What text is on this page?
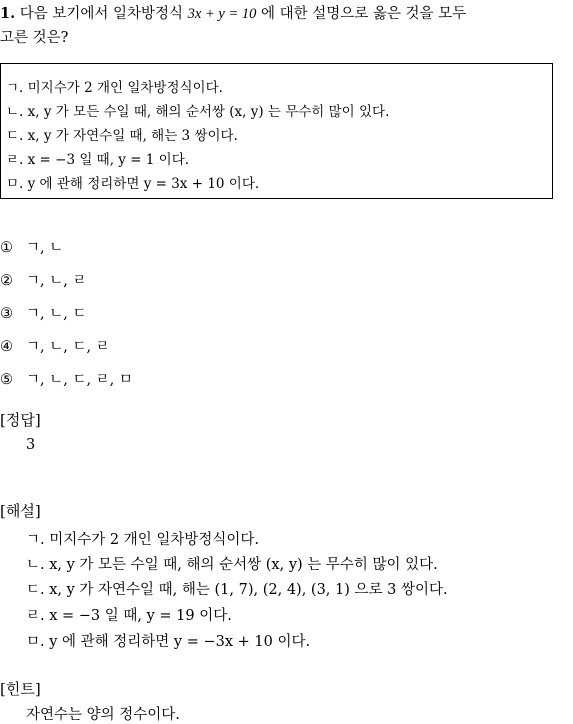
1. 다음 보기에서 일차방정식 3x + y = 10 에 대한 설명으로 옳은 것을 모두
고른 것은?
ㄱ. 미지수가 2 개인 일차방정식이다.
ㄴ. x, y 가 모든 수일 때, 해의 순서쌍 (x, y) 는 무수히 많이 있다.
ㄷ. x, y 가 자연수일 때, 해는 3 쌍이다.
ㄹ. x = −3 일 때, y = 1 이다.
ㅁ. y 에 관해 정리하면 y = 3x + 10 이다.
① ㄱ, ㄴ
② ㄱ, ㄴ, ㄹ
③ ㄱ, ㄴ, ㄷ
④ ㄱ, ㄴ, ㄷ, ㄹ
⑤ ㄱ, ㄴ, ㄷ, ㄹ, ㅁ
[정답]
3
[해설]
ㄱ. 미지수가 2 개인 일차방정식이다.
ㄴ. x, y 가 모든 수일 때, 해의 순서쌍 (x, y) 는 무수히 많이 있다.
ㄷ. x, y 가 자연수일 때, 해는 (1, 7), (2, 4), (3, 1) 으로 3 쌍이다.
ㄹ. x = −3 일 때, y = 19 이다.
ㅁ. y 에 관해 정리하면 y = −3x + 10 이다.
[힌트]
자연수는 양의 정수이다.
